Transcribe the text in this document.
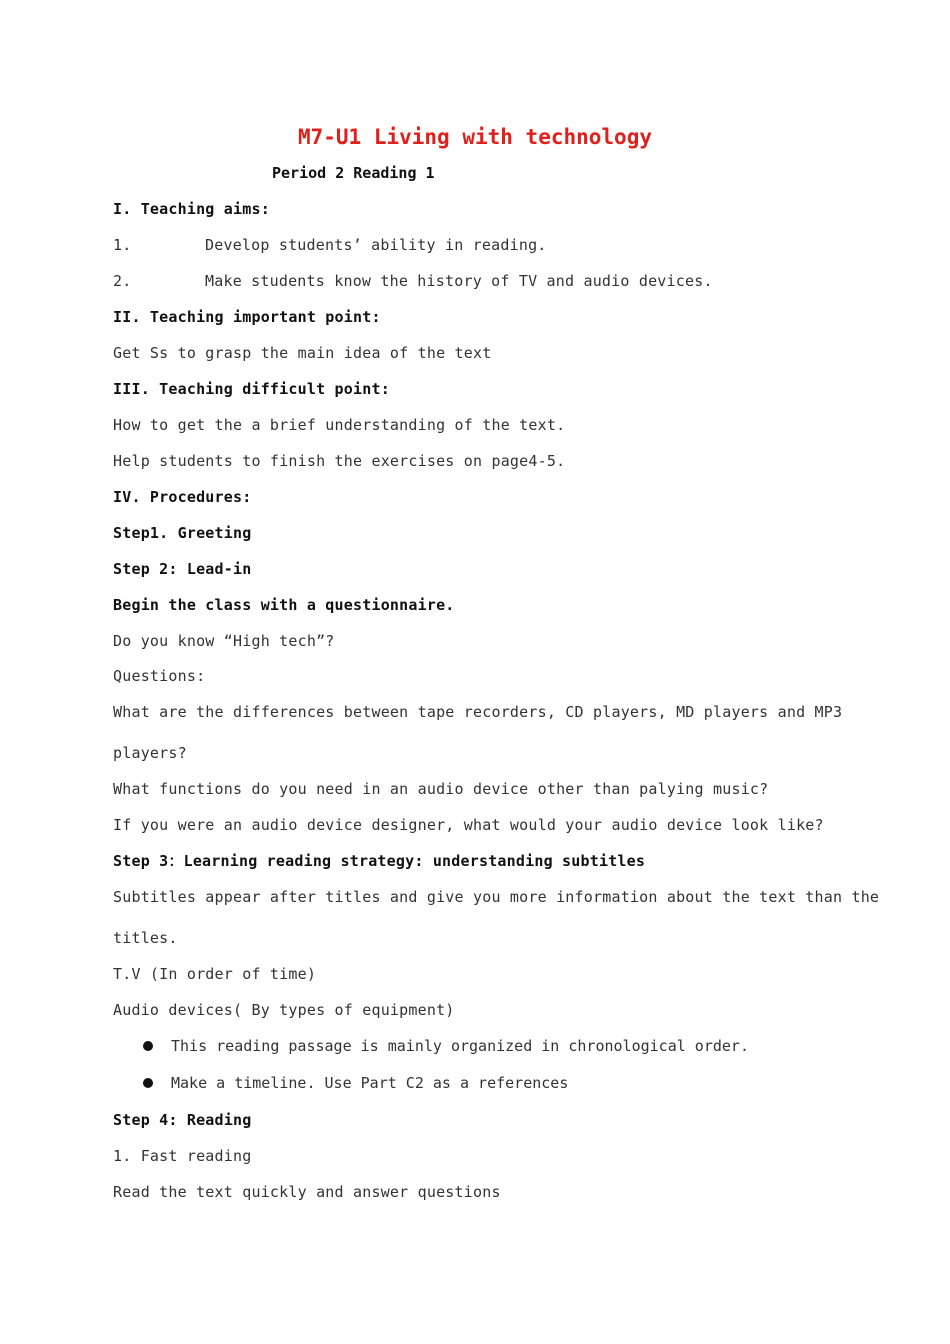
M7-U1 Living with technology
Period 2 Reading 1
I. Teaching aims:
1.	Develop students’ ability in reading.
2.	Make students know the history of TV and audio devices.
II. Teaching important point:
Get Ss to grasp the main idea of the text
III. Teaching difficult point:
How to get the a brief understanding of the text.
Help students to finish the exercises on page4-5.
IV. Procedures:
Step1. Greeting
Step 2: Lead-in
Begin the class with a questionnaire.
Do you know “High tech”?
Questions:
What are the differences between tape recorders, CD players, MD players and MP3
players?
What functions do you need in an audio device other than palying music?
If you were an audio device designer, what would your audio device look like?
Step 3：Learning reading strategy: understanding subtitles
Subtitles appear after titles and give you more information about the text than the
titles.
T.V (In order of time)
Audio devices( By types of equipment)
This reading passage is mainly organized in chronological order.
Make a timeline. Use Part C2 as a references
Step 4: Reading
1. Fast reading
Read the text quickly and answer questions
